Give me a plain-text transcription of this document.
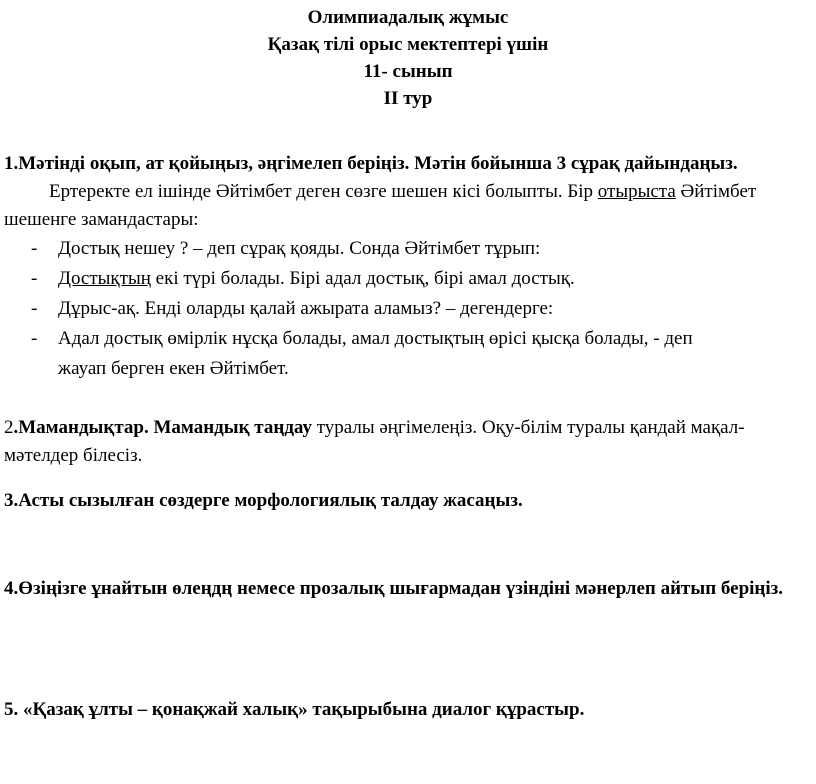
Олимпиадалық жұмыс
Қазақ тілі орыс мектептері үшін
11- сынып
ІІ тур
1.Мәтінді оқып, ат қойыңыз, әңгімелеп беріңіз. Мәтін бойынша 3 сұрақ дайындаңыз.
Ертеректе ел ішінде Әйтімбет деген сөзге шешен кісі болыпты. Бір отырыста Әйтімбет шешенге замандастары:
- Достық нешеу ? – деп сұрақ қояды. Сонда Әйтімбет тұрып:
- Достықтың екі түрі болады. Бірі адал достық, бірі амал достық.
- Дұрыс-ақ. Енді оларды қалай ажырата аламыз? – дегендерге:
- Адал достық өмірлік нұсқа болады, амал достықтың өрісі қысқа болады, - деп
жауап берген екен Әйтімбет.
2.Мамандықтар. Мамандық таңдау туралы әңгімелеңіз. Оқу-білім туралы қандай мақал-мәтелдер білесіз.
3.Асты сызылған сөздерге морфологиялық талдау жасаңыз.
4.Өзіңізге ұнайтын өлеңдң немесе прозалық шығармадан үзіндіні мәнерлеп айтып беріңіз.
5. «Қазақ ұлты – қонақжай халық» тақырыбына диалог құрастыр.
